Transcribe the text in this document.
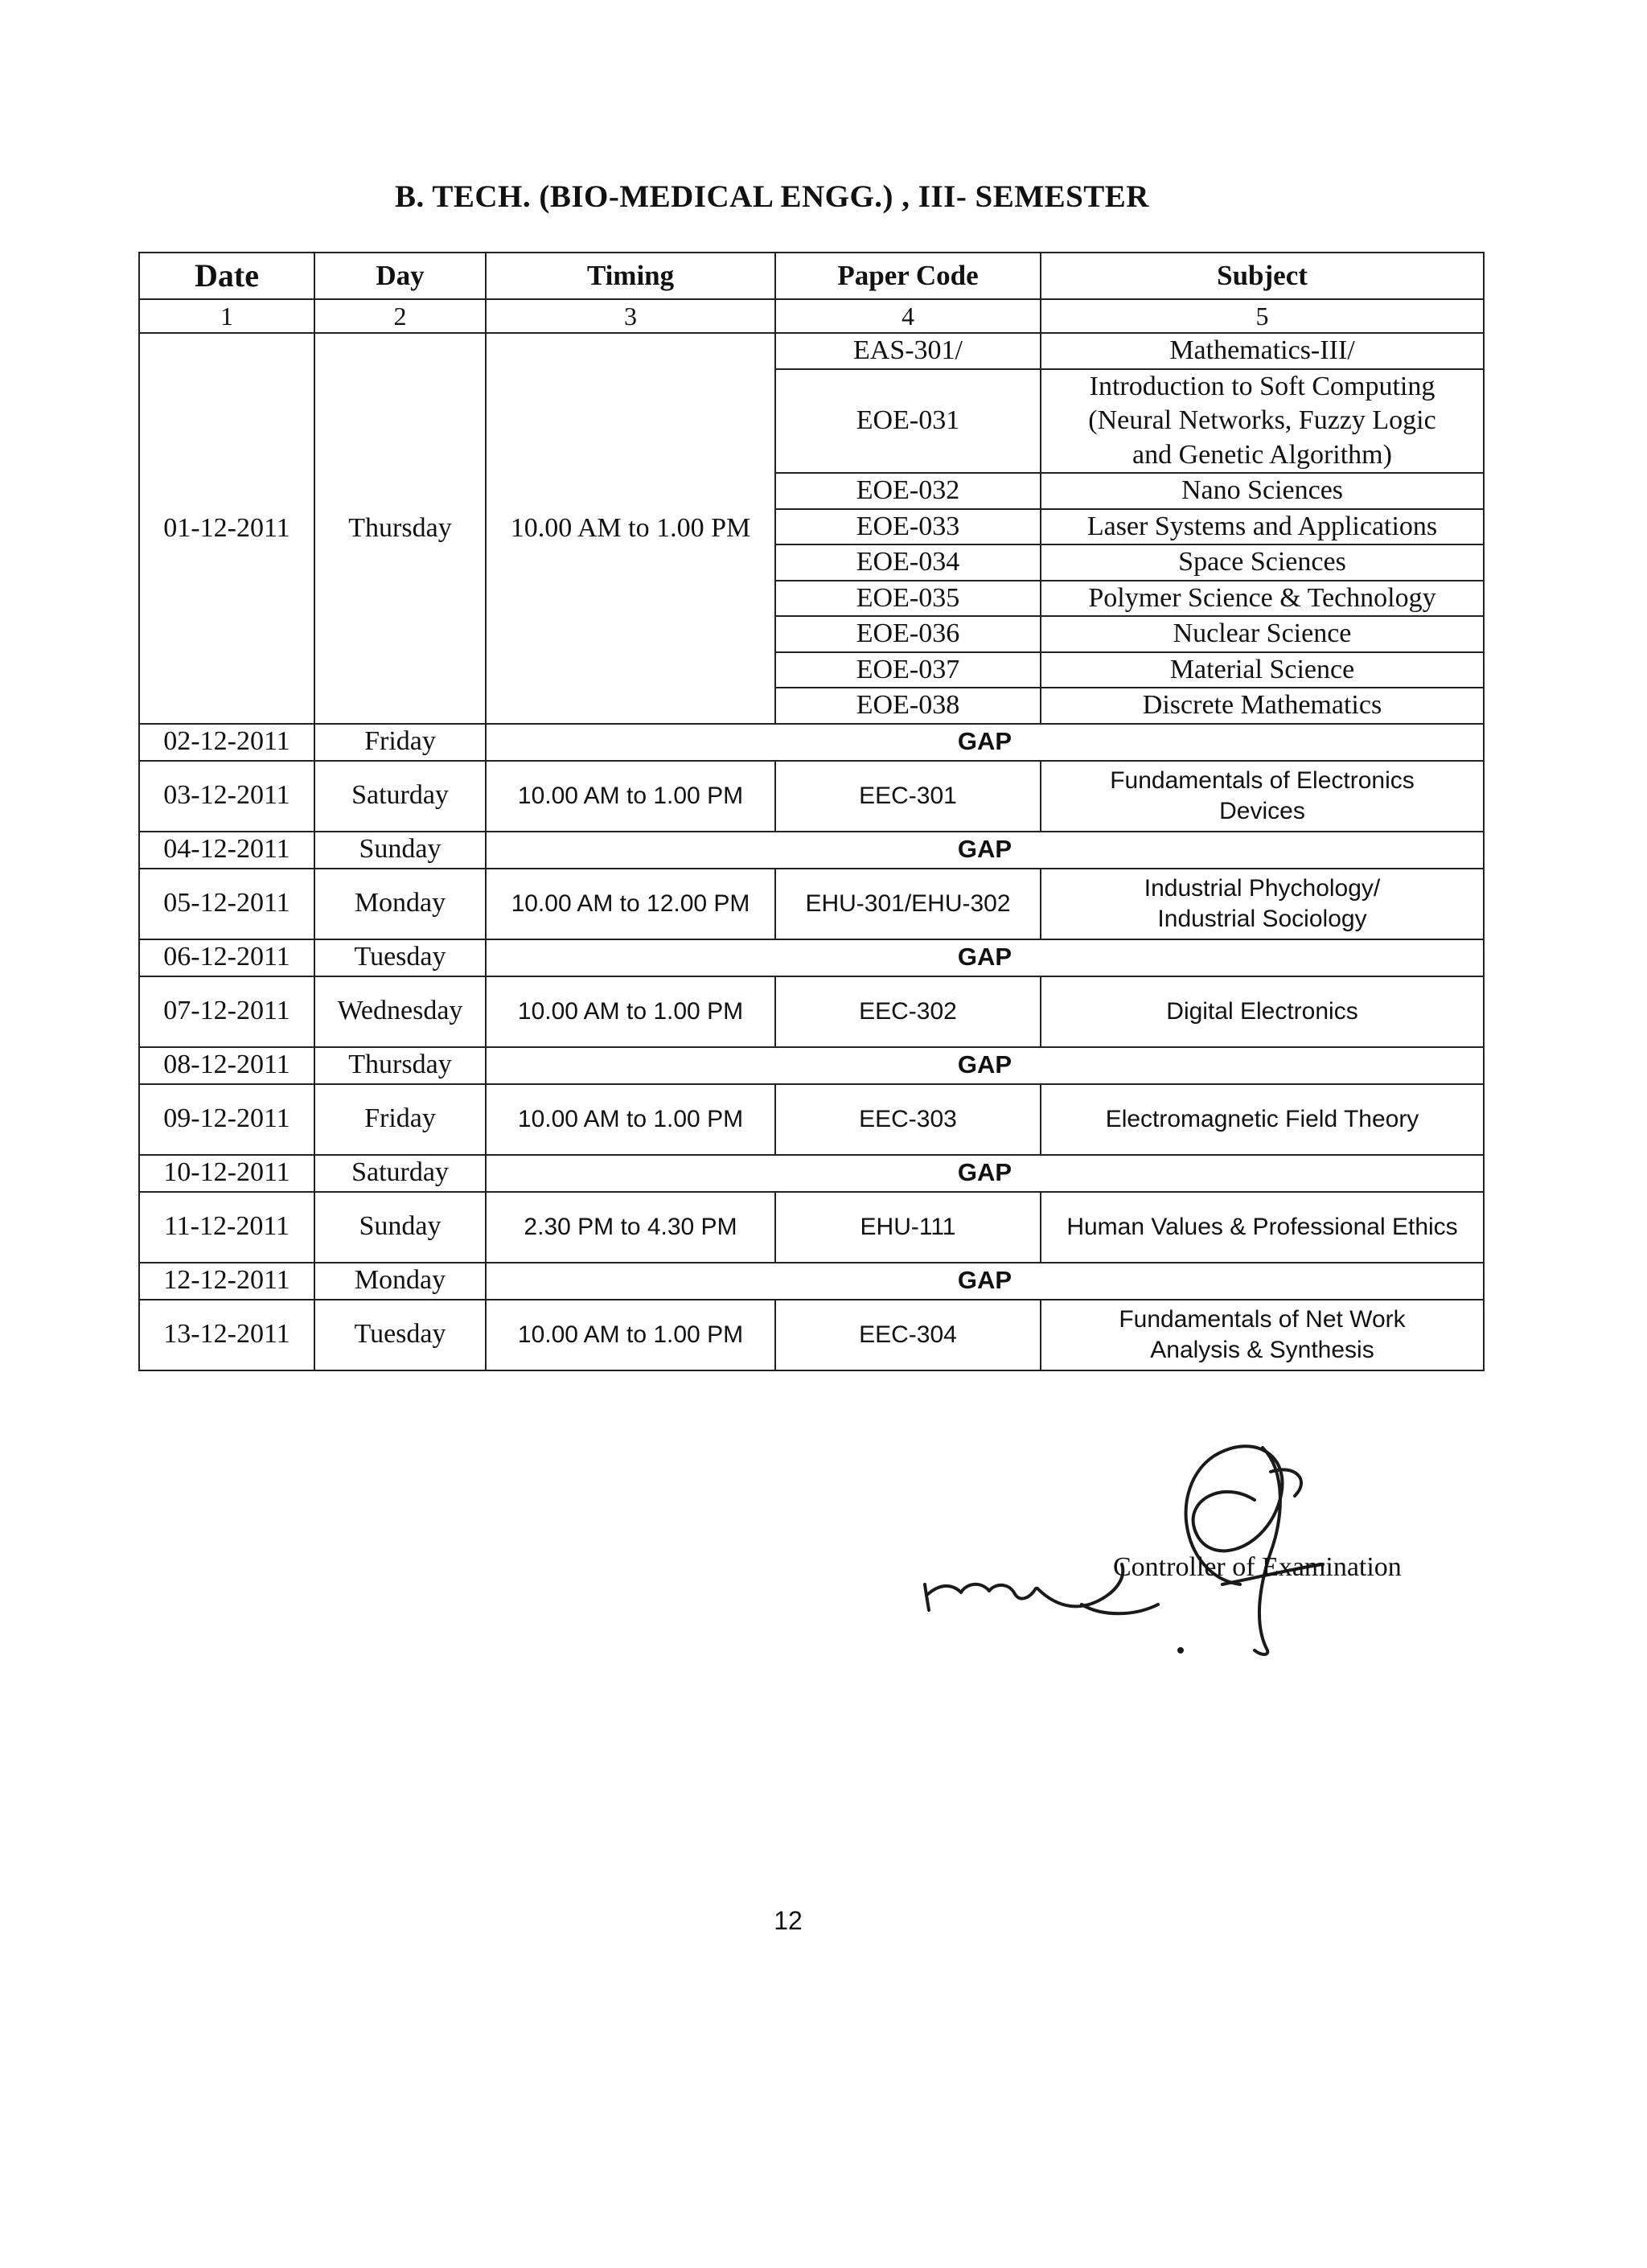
B. TECH. (BIO-MEDICAL ENGG.) , III- SEMESTER
Date	Day	Timing	Paper Code	Subject
1	2	3	4	5
01-12-2011	Thursday	10.00 AM to 1.00 PM	EAS-301/	Mathematics-III/
			EOE-031	Introduction to Soft Computing
(Neural Networks, Fuzzy Logic
and Genetic Algorithm)

			EOE-032	Nano Sciences
			EOE-033	Laser Systems and Applications
			EOE-034	Space Sciences
			EOE-035	Polymer Science & Technology
			EOE-036	Nuclear Science
			EOE-037	Material Science
			EOE-038	Discrete Mathematics
02-12-2011	Friday	GAP		
03-12-2011	Saturday	10.00 AM to 1.00 PM	EEC-301	Fundamentals of Electronics
Devices

04-12-2011	Sunday	GAP		
05-12-2011	Monday	10.00 AM to 12.00 PM	EHU-301/EHU-302	Industrial Phychology/
Industrial Sociology

06-12-2011	Tuesday	GAP		
07-12-2011	Wednesday	10.00 AM to 1.00 PM	EEC-302	Digital Electronics

08-12-2011	Thursday	GAP		
09-12-2011	Friday	10.00 AM to 1.00 PM	EEC-303	Electromagnetic Field Theory

10-12-2011	Saturday	GAP		
11-12-2011	Sunday	2.30 PM to 4.30 PM	EHU-111	Human Values & Professional Ethics

12-12-2011	Monday	GAP		
13-12-2011	Tuesday	10.00 AM to 1.00 PM	EEC-304	Fundamentals of Net Work
Analysis & Synthesis
Controller of Examination
12
